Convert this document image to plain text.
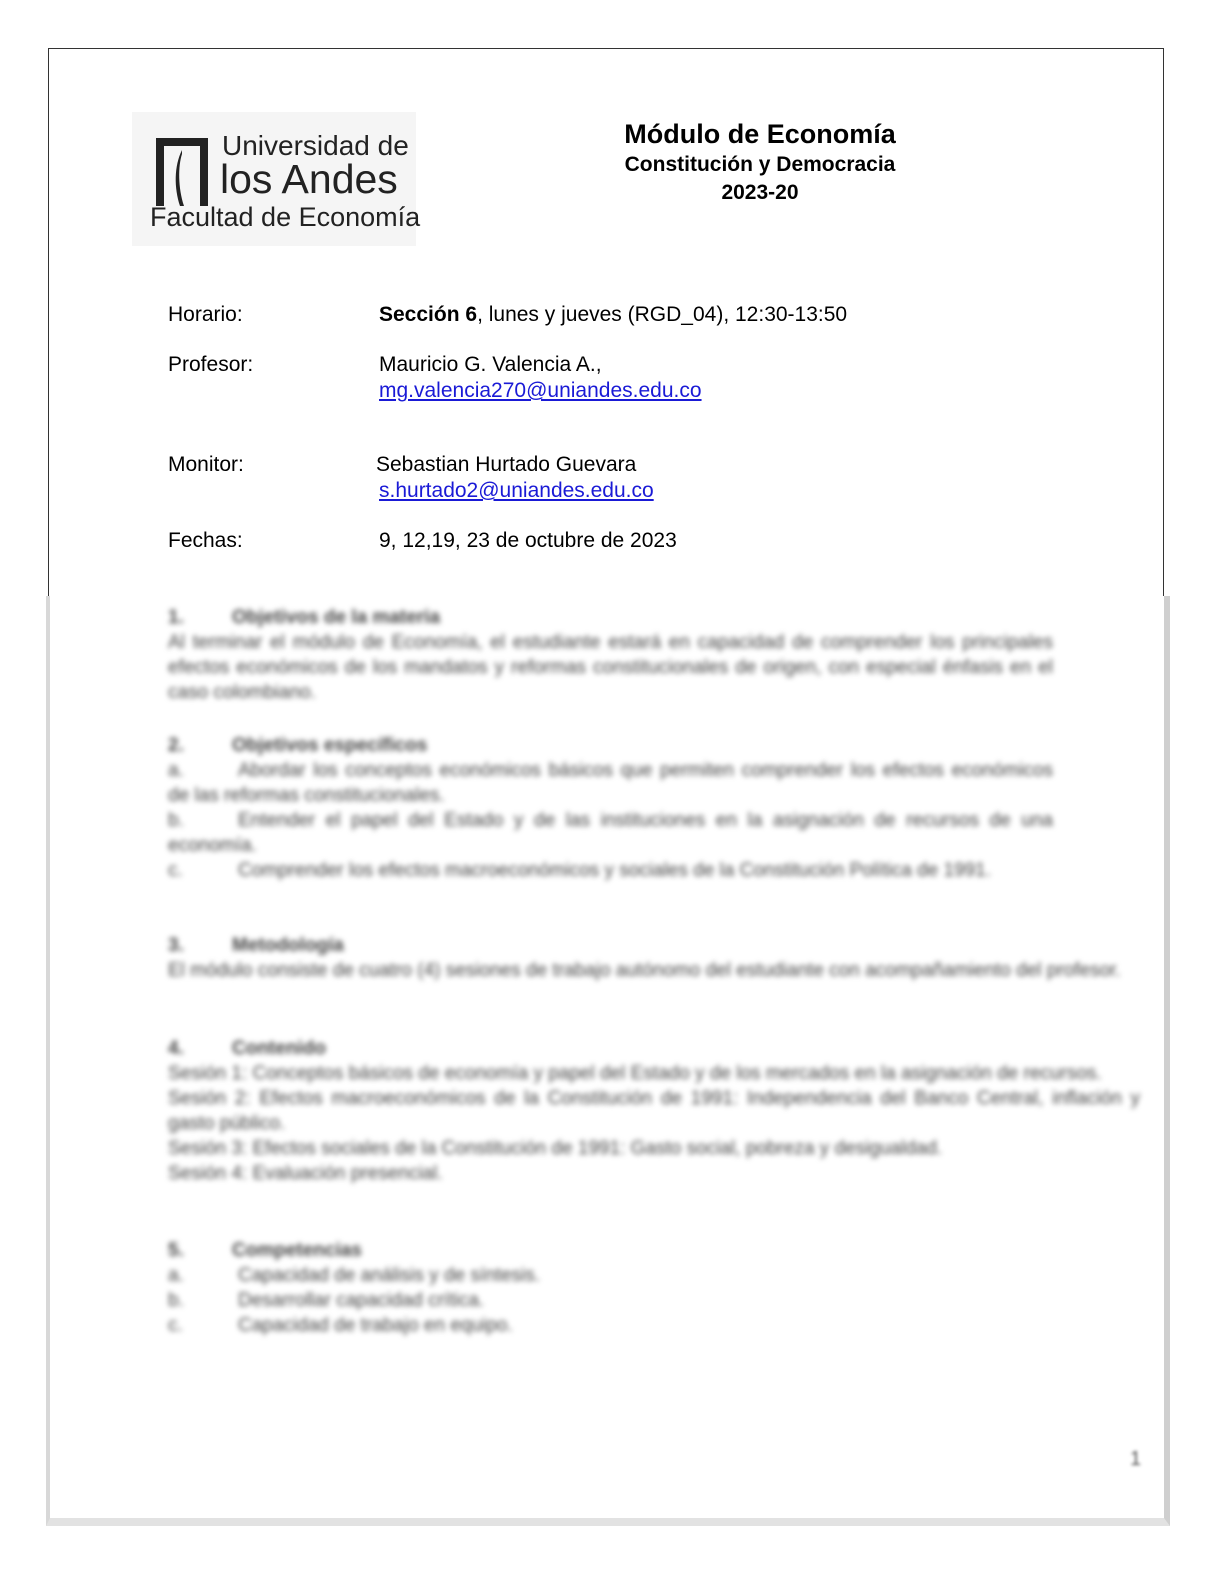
Universidad de
los Andes
Facultad de Economía
Módulo de Economía
Constitución y Democracia
2023-20
Horario:	Sección 6, lunes y jueves (RGD_04), 12:30-13:50
Profesor:	Mauricio G. Valencia A.,
mg.valencia270@uniandes.edu.co
Monitor:	Sebastian Hurtado Guevara
s.hurtado2@uniandes.edu.co
Fechas:	9, 12,19, 23 de octubre de 2023
1.	Objetivos de la materia
Al terminar el módulo de Economía, el estudiante estará en capacidad de comprender los principales efectos económicos de los mandatos y reformas constitucionales de origen, con especial énfasis en el caso colombiano.
2.	Objetivos específicos
a.	Abordar los conceptos económicos básicos que permiten comprender los efectos económicos de las reformas constitucionales.
b.	Entender el papel del Estado y de las instituciones en la asignación de recursos de una economía.
c.	Comprender los efectos macroeconómicos y sociales de la Constitución Política de 1991.
3.	Metodología
El módulo consiste de cuatro (4) sesiones de trabajo autónomo del estudiante con acompañamiento del profesor.
4.	Contenido
Sesión 1: Conceptos básicos de economía y papel del Estado y de los mercados en la asignación de recursos.
Sesión 2: Efectos macroeconómicos de la Constitución de 1991: Independencia del Banco Central, inflación y gasto público.
Sesión 3: Efectos sociales de la Constitución de 1991: Gasto social, pobreza y desigualdad.
Sesión 4: Evaluación presencial.
5.	Competencias
a.	Capacidad de análisis y de síntesis.
b.	Desarrollar capacidad crítica.
c.	Capacidad de trabajo en equipo.
1
